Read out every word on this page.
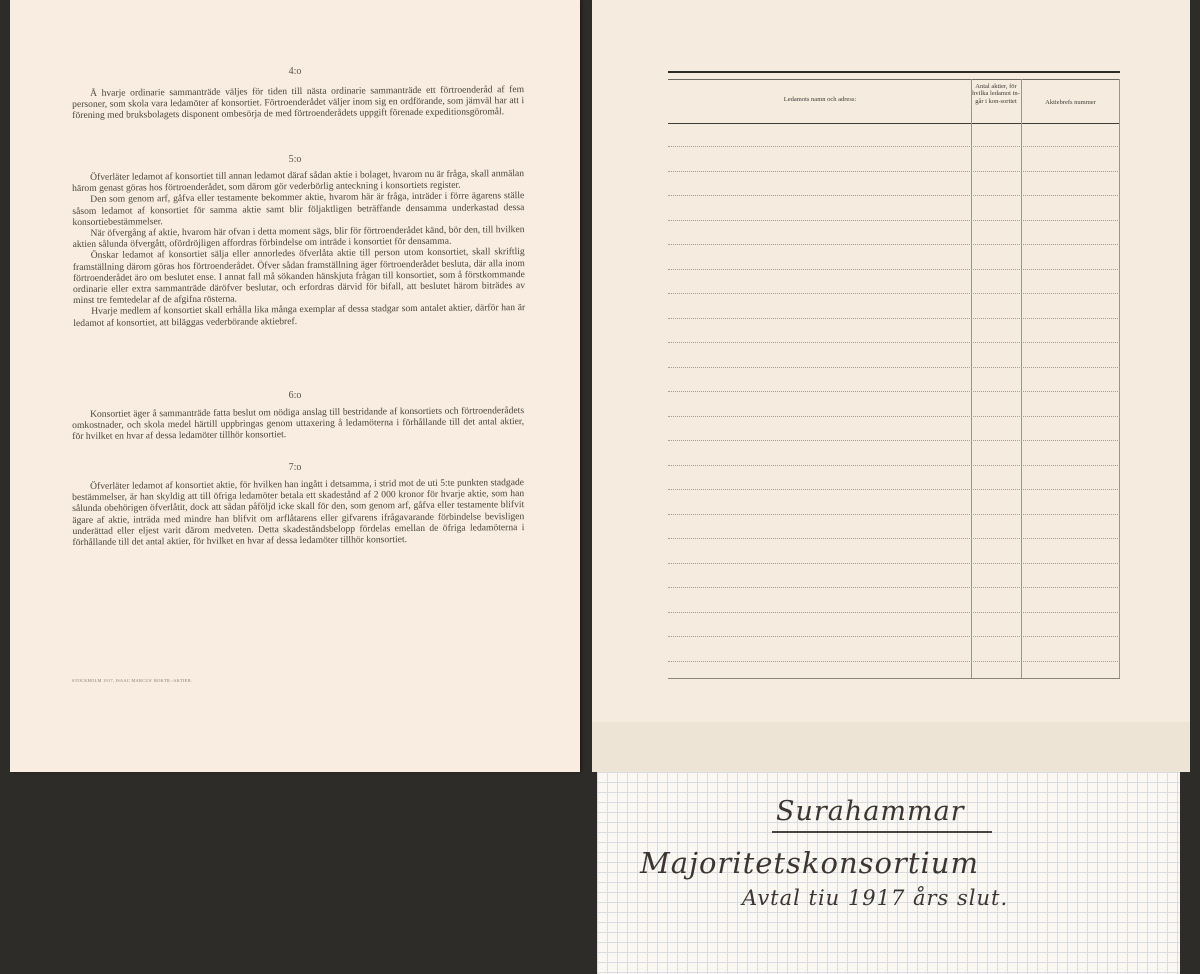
4:o

Å hvarje ordinarie sammanträde väljes för tiden till nästa ordinarie sammanträde ett förtroenderåd af fem personer, som skola vara ledamöter af konsortiet. Förtroenderådet väljer inom sig en ordförande, som jämväl har att i förening med bruksbolagets disponent ombesörja de med förtroenderådets uppgift förenade expeditionsgöromål.

5:o

Öfverläter ledamot af konsortiet till annan ledamot däraf sådan aktie i bolaget, hvarom nu är fråga, skall anmälan härom genast göras hos förtroenderådet, som därom gör vederbörlig anteckning i konsortiets register.

Den som genom arf, gåfva eller testamente bekommer aktie, hvarom här är fråga, inträder i förre ägarens ställe såsom ledamot af konsortiet för samma aktie samt blir följaktligen beträffande densamma underkastad dessa konsortiebestämmelser.

När öfvergång af aktie, hvarom här ofvan i detta moment sägs, blir för förtroenderådet känd, bör den, till hvilken aktien sålunda öfvergått, ofördröjligen affordras förbindelse om inträde i konsortiet för densamma.

Önskar ledamot af konsortiet sälja eller annorledes öfverlåta aktie till person utom konsortiet, skall skriftlig framställning därom göras hos förtroenderådet. Öfver sådan framställning äger förtroenderådet besluta, där alla inom förtroenderådet äro om beslutet ense. I annat fall må sökanden hänskjuta frågan till konsortiet, som å förstkommande ordinarie eller extra sammanträde däröfver beslutar, och erfordras därvid för bifall, att beslutet härom biträdes av minst tre femtedelar af de afgifna rösterna.

Hvarje medlem af konsortiet skall erhålla lika många exemplar af dessa stadgar som antalet aktier, därför han är ledamot af konsortiet, att biläggas vederbörande aktiebref.

6:o

Konsortiet äger å sammanträde fatta beslut om nödiga anslag till bestridande af konsortiets och förtroenderådets omkostnader, och skola medel härtill uppbringas genom uttaxering å ledamöterna i förhållande till det antal aktier, för hvilket en hvar af dessa ledamöter tillhör konsortiet.

7:o

Öfverläter ledamot af konsortiet aktie, för hvilken han ingått i detsamma, i strid mot de uti 5:te punkten stadgade bestämmelser, är han skyldig att till öfriga ledamöter betala ett skadestånd af 2 000 kronor för hvarje aktie, som han sålunda obehörigen öfverlåtit, dock att sådan påföljd icke skall för den, som genom arf, gåfva eller testamente blifvit ägare af aktie, inträda med mindre han blifvit om arflåtarens eller gifvarens ifrågavarande förbindelse bevisligen underättad eller eljest varit därom medveten. Detta skadeståndsbelopp fördelas emellan de öfriga ledamöterna i förhållande till det antal aktier, för hvilket en hvar af dessa ledamöter tillhör konsortiet.

STOCKHOLM 1917, ISAAC MARCUS' BOKTR.-AKTIEB.
Ledamots namn och adress:
Antal aktier, för hvilka ledamot in-går i kon-sortiet	Aktiebrefs nummer
Surahammar
Majoritetskonsortium
Avtal tiu 1917 års slut.
